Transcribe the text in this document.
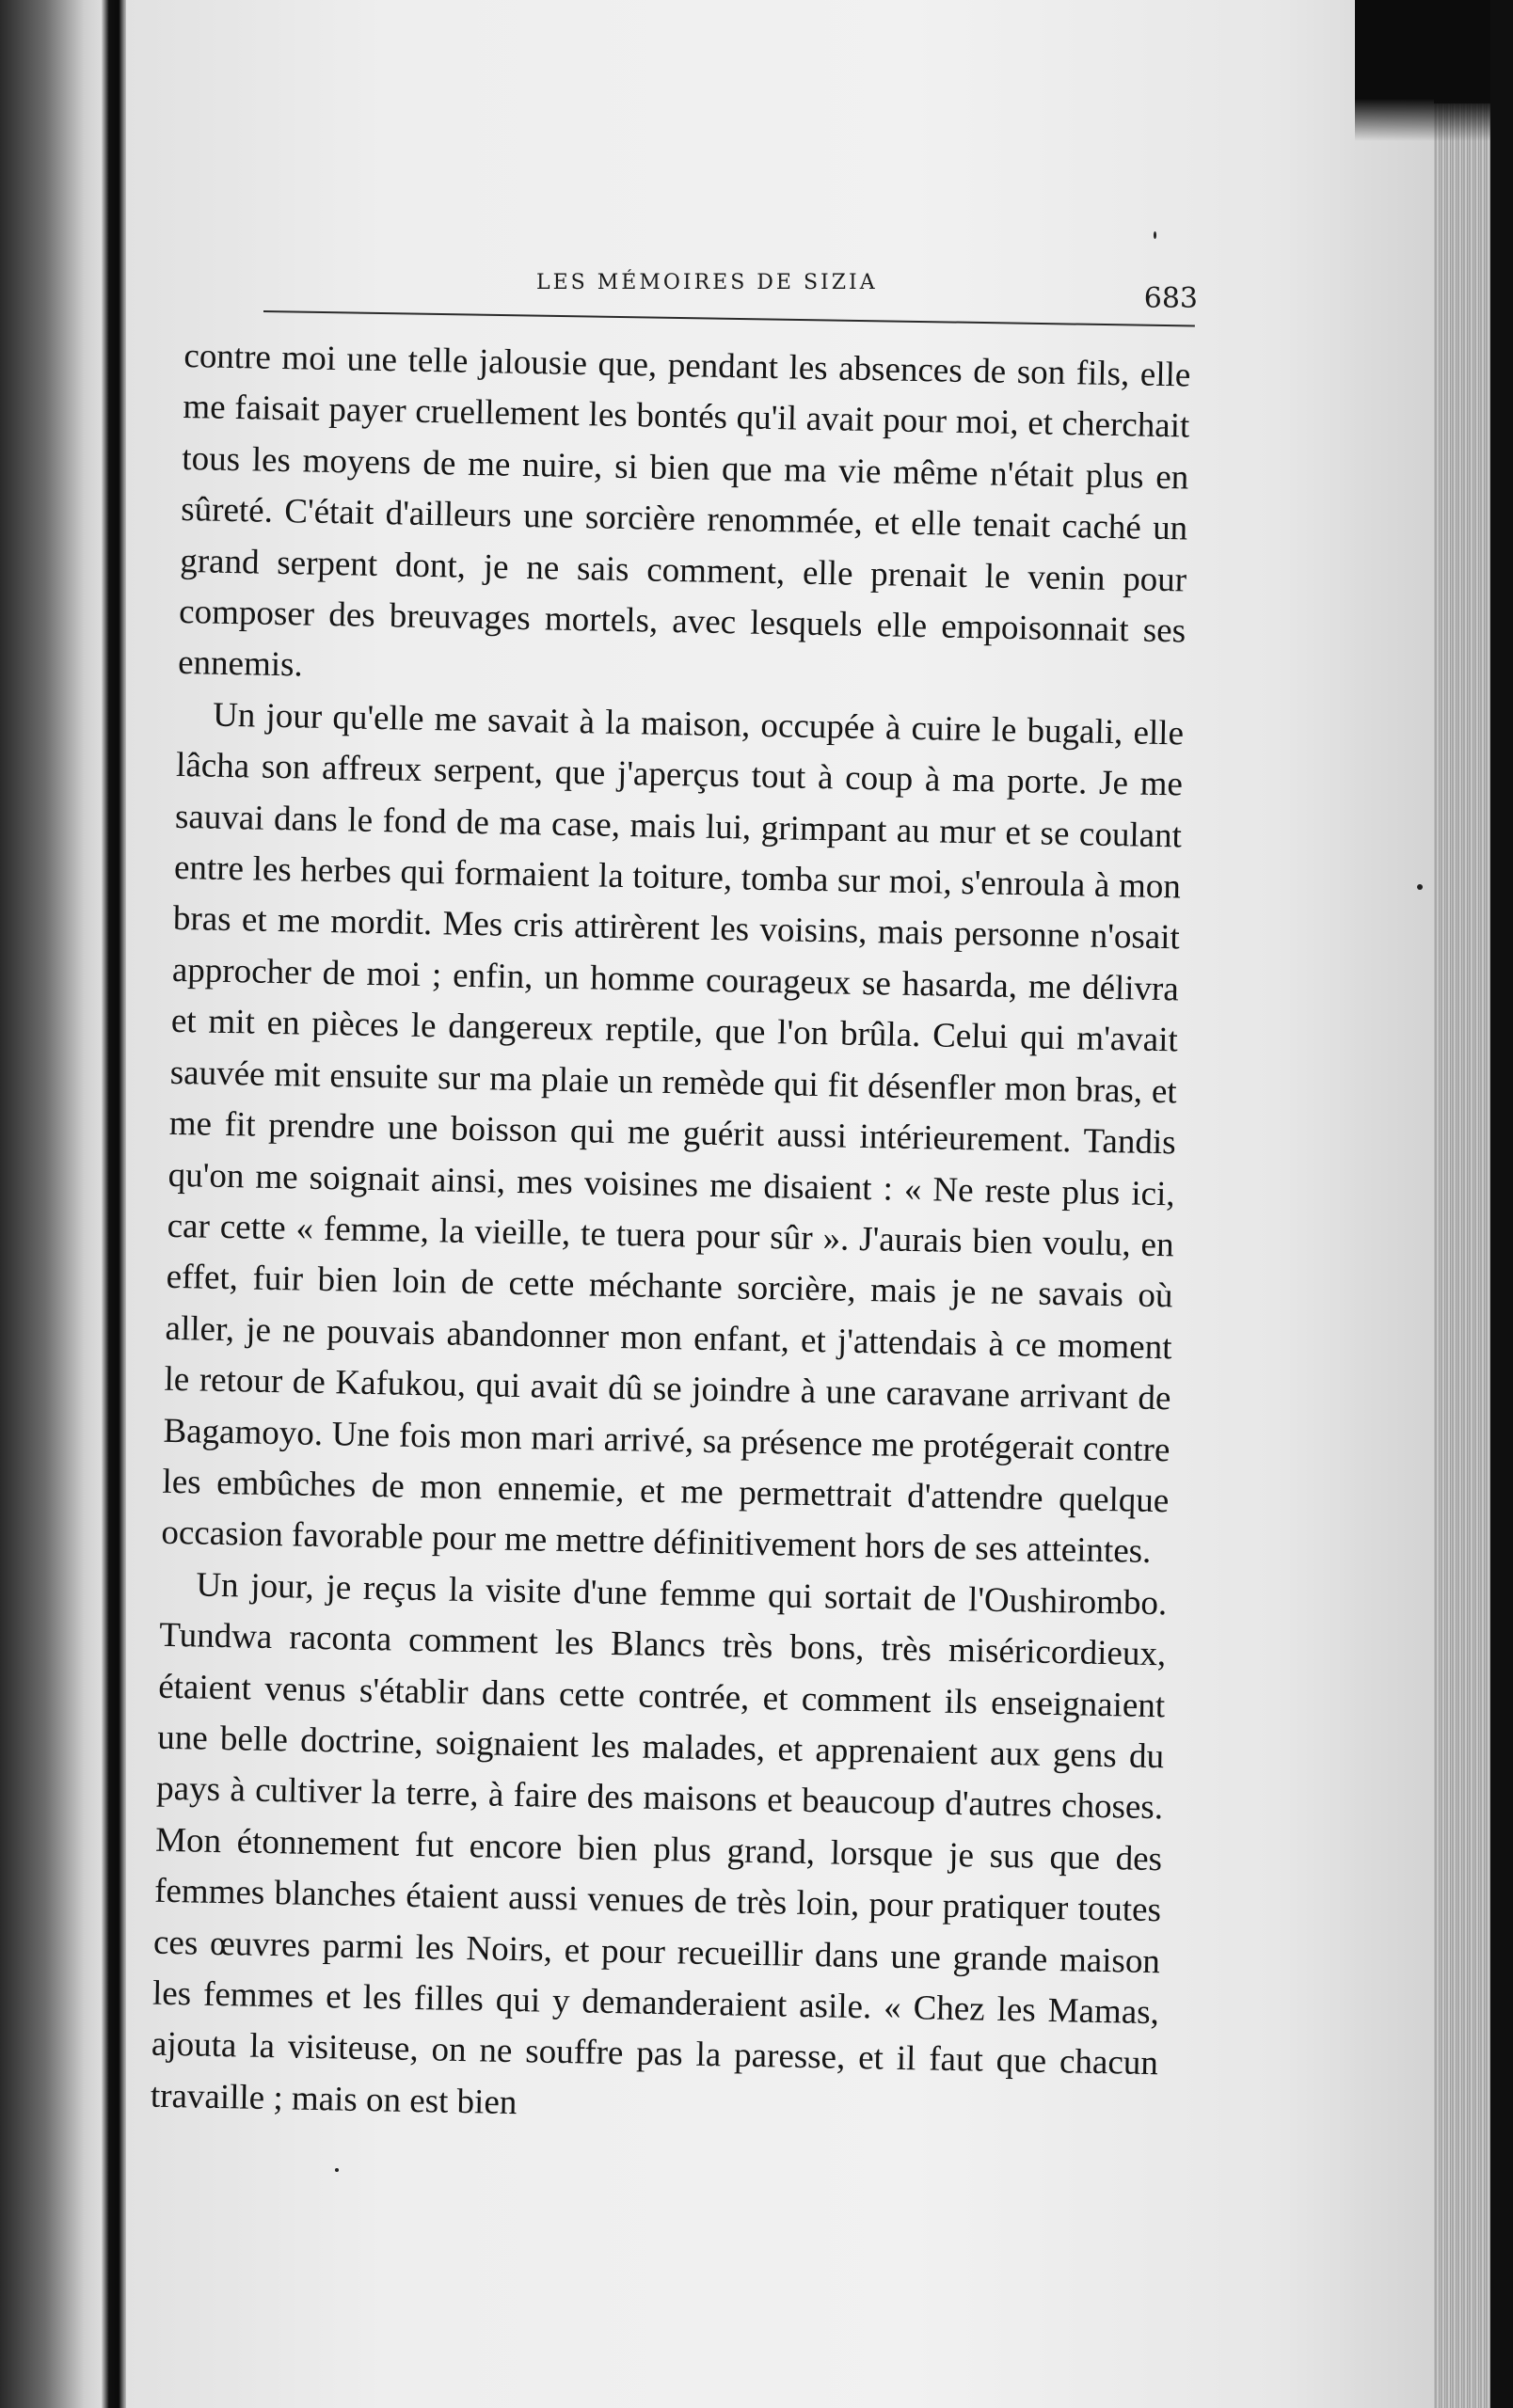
LES MÉMOIRES DE SIZIA	683

contre moi une telle jalousie que, pendant les absences de son fils, elle me faisait payer cruellement les bontés qu'il avait pour moi, et cherchait tous les moyens de me nuire, si bien que ma vie même n'était plus en sûreté. C'était d'ailleurs une sorcière renommée, et elle tenait caché un grand serpent dont, je ne sais comment, elle prenait le venin pour composer des breuvages mortels, avec lesquels elle empoisonnait ses ennemis.

Un jour qu'elle me savait à la maison, occupée à cuire le bugali, elle lâcha son affreux serpent, que j'aperçus tout à coup à ma porte. Je me sauvai dans le fond de ma case, mais lui, grimpant au mur et se coulant entre les herbes qui formaient la toiture, tomba sur moi, s'enroula à mon bras et me mordit. Mes cris attirèrent les voisins, mais personne n'osait approcher de moi ; enfin, un homme courageux se hasarda, me délivra et mit en pièces le dangereux reptile, que l'on brûla. Celui qui m'avait sauvée mit ensuite sur ma plaie un remède qui fit désenfler mon bras, et me fit prendre une boisson qui me guérit aussi intérieurement. Tandis qu'on me soignait ainsi, mes voisines me disaient : « Ne reste plus ici, car cette « femme, la vieille, te tuera pour sûr ». J'aurais bien voulu, en effet, fuir bien loin de cette méchante sorcière, mais je ne savais où aller, je ne pouvais abandonner mon enfant, et j'attendais à ce moment le retour de Kafukou, qui avait dû se joindre à une caravane arrivant de Bagamoyo. Une fois mon mari arrivé, sa présence me protégerait contre les embûches de mon ennemie, et me permettrait d'attendre quelque occasion favorable pour me mettre définitivement hors de ses atteintes.

Un jour, je reçus la visite d'une femme qui sortait de l'Oushirombo. Tundwa raconta comment les Blancs très bons, très miséricordieux, étaient venus s'établir dans cette contrée, et comment ils enseignaient une belle doctrine, soignaient les malades, et apprenaient aux gens du pays à cultiver la terre, à faire des maisons et beaucoup d'autres choses. Mon étonnement fut encore bien plus grand, lorsque je sus que des femmes blanches étaient aussi venues de très loin, pour pratiquer toutes ces œuvres parmi les Noirs, et pour recueillir dans une grande maison les femmes et les filles qui y demanderaient asile. « Chez les Mamas, ajouta la visiteuse, on ne souffre pas la paresse, et il faut que chacun travaille ; mais on est bien
